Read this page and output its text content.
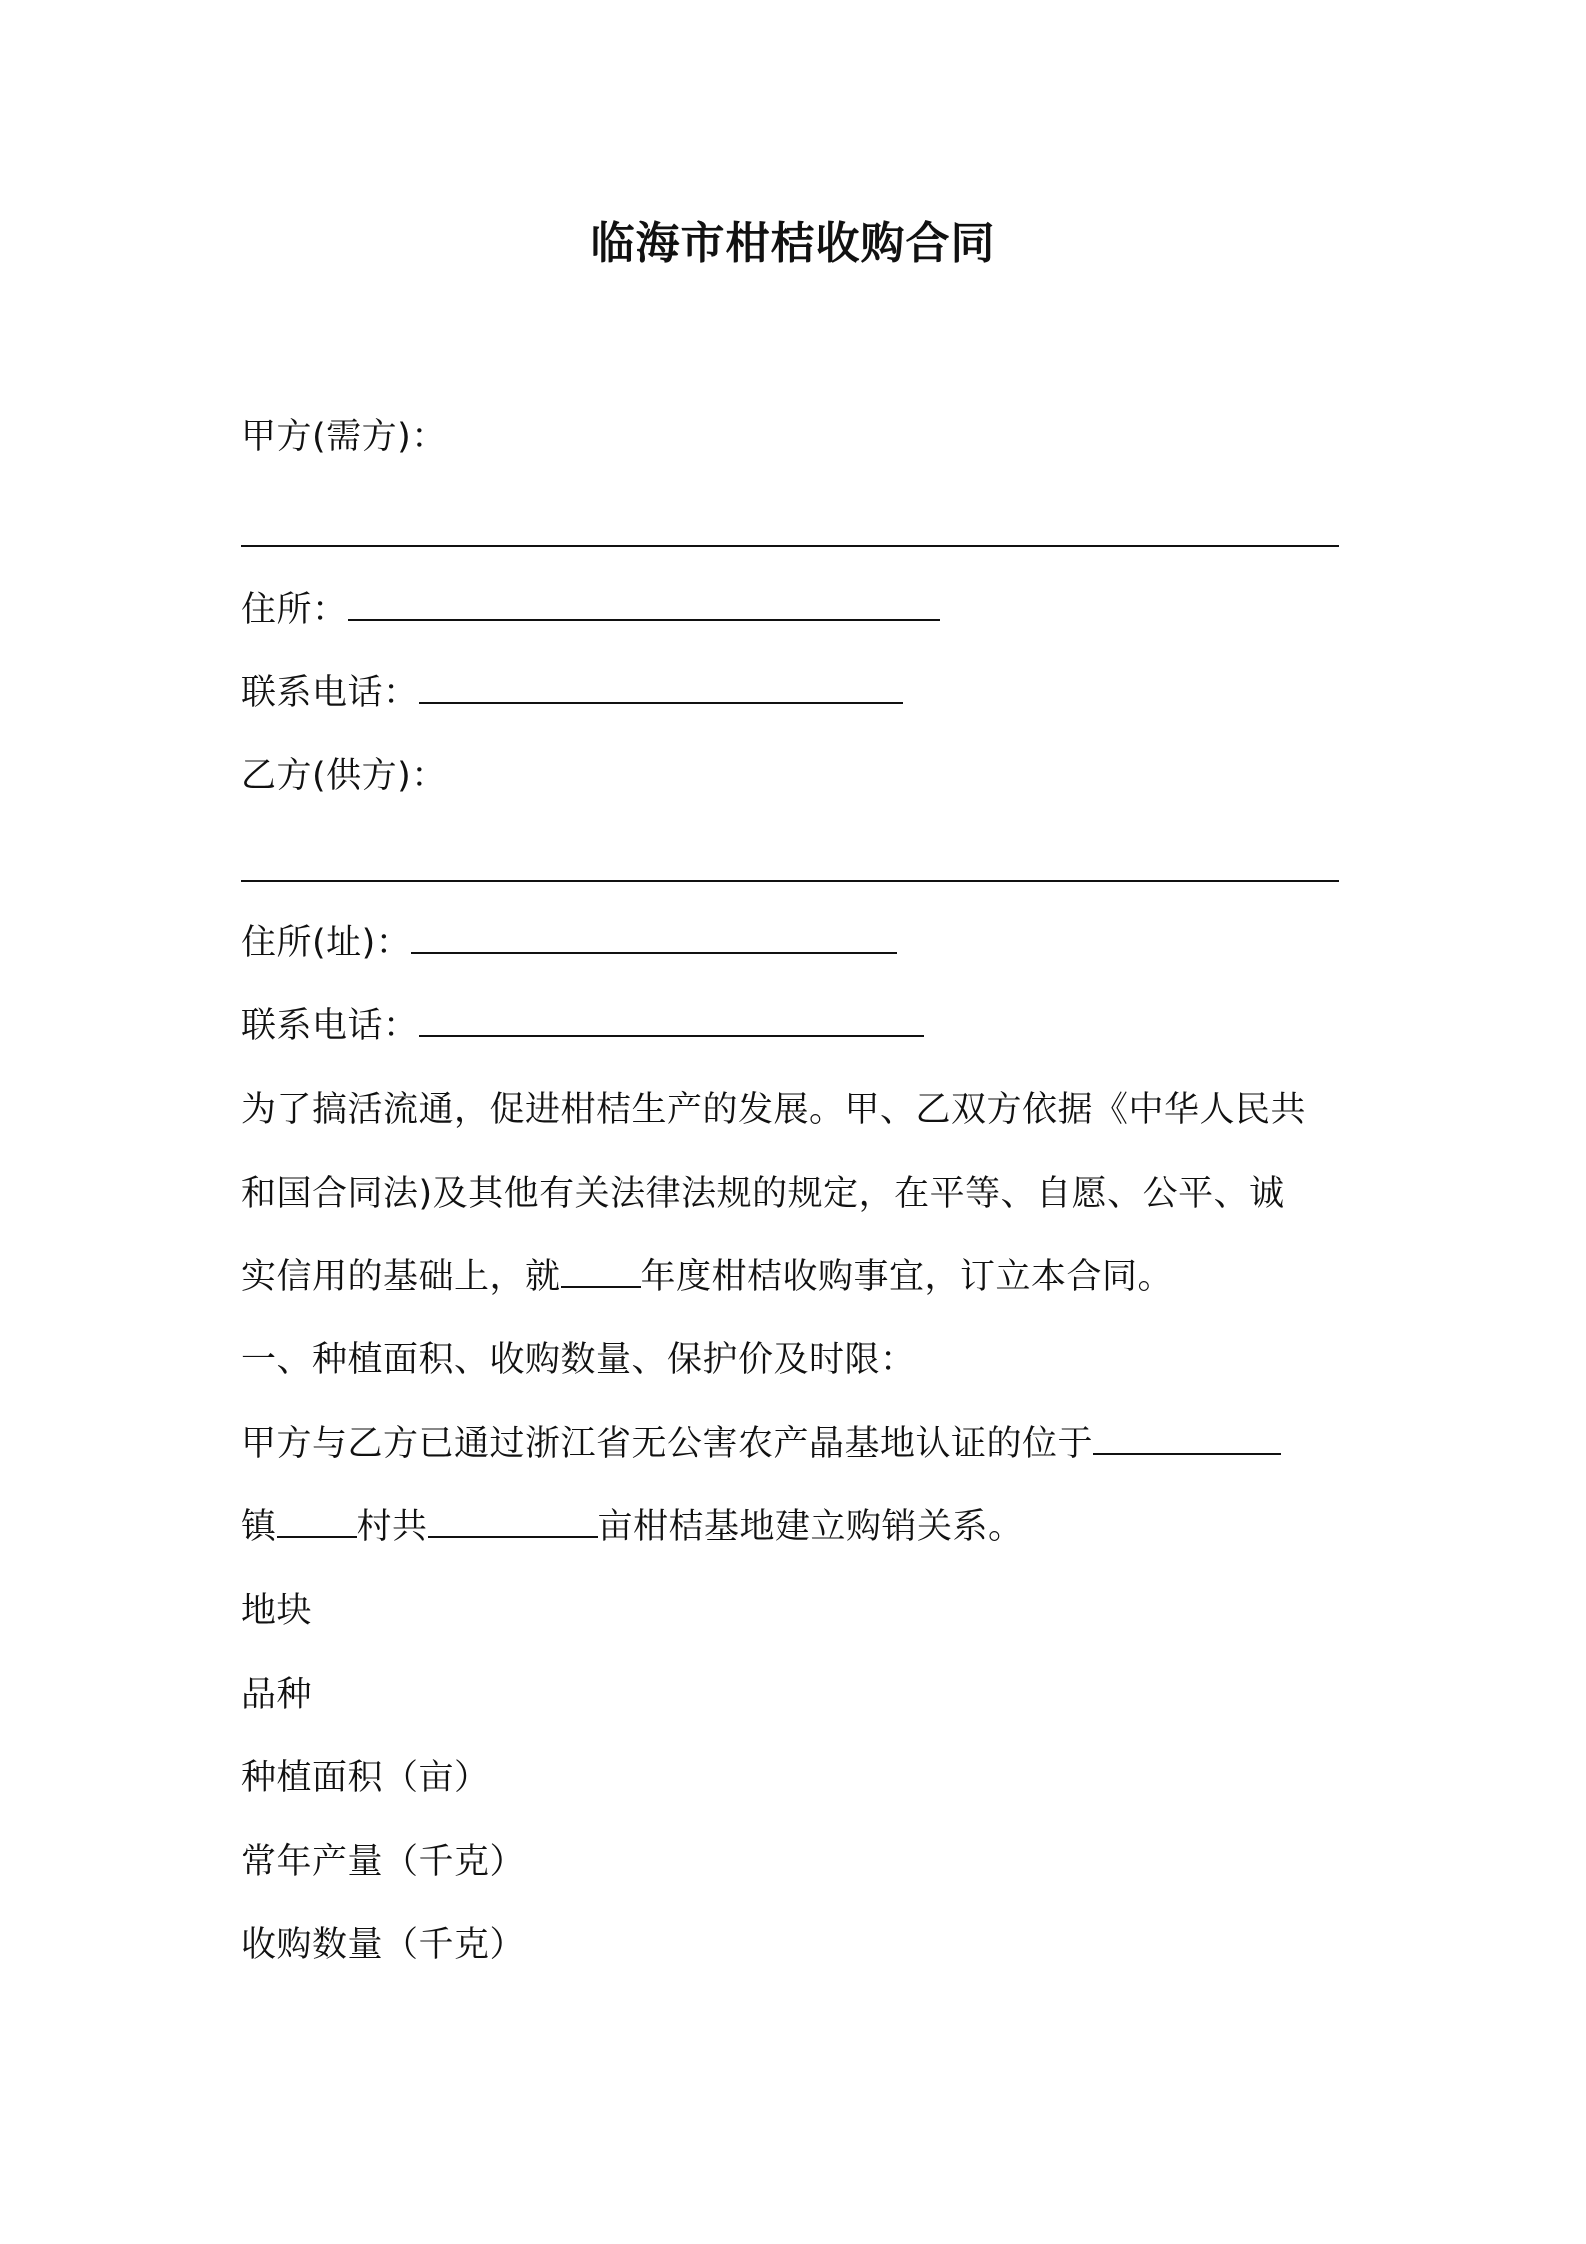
临海市柑桔收购合同
甲方(需方)：
住所：
联系电话：
乙方(供方)：
住所(址)：
联系电话：
为了搞活流通，促进柑桔生产的发展。甲、乙双方依据《中华人民共
和国合同法)及其他有关法律法规的规定，在平等、自愿、公平、诚
实信用的基础上，就 年度柑桔收购事宜，订立本合同。
一、种植面积、收购数量、保护价及时限：
甲方与乙方已通过浙江省无公害农产晶基地认证的位于
镇 村共	亩柑桔基地建立购销关系。
地块
品种
种植面积（亩）
常年产量（千克）
收购数量（千克）
